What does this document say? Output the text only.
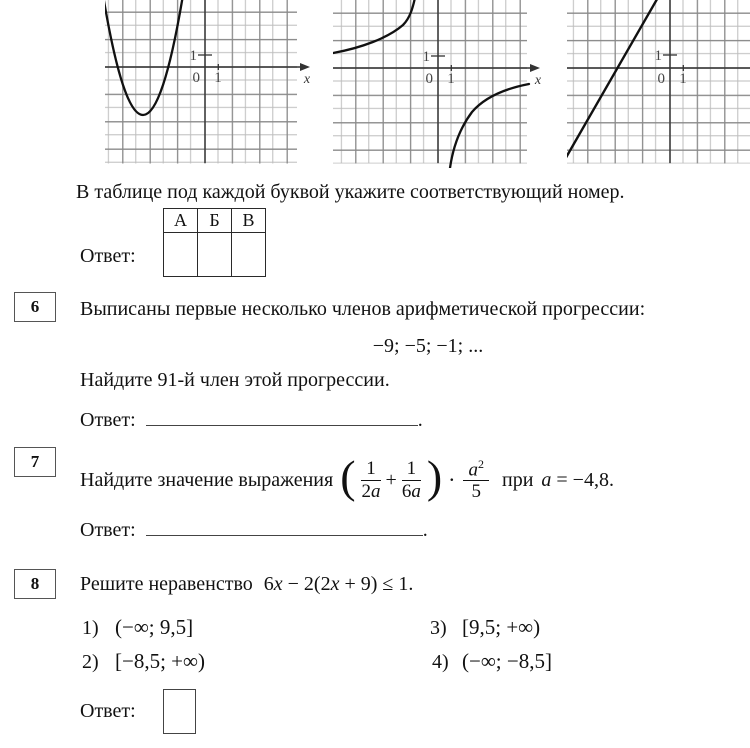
1
0 1	x
1
0 1	x
1
0 1
В таблице под каждой буквой укажите соответствующий номер.
Ответ:
А	Б	В

6 Выписаны первые несколько членов арифметической прогрессии:
−9; −5; −1; ...
Найдите 91-й член этой прогрессии.
Ответ:	.
7
Найдите значение выражения ( $\frac{1}{2a} + \frac{1}{6a}$ ) · $\frac{a^2}{5}$ при a = −4,8.
Ответ:	.
8 Решите неравенство 6x − 2(2x + 9) ≤ 1.
1) (−∞; 9,5]	3) [9,5; +∞)
2) [−8,5; +∞)	4) (−∞; −8,5]
Ответ:
